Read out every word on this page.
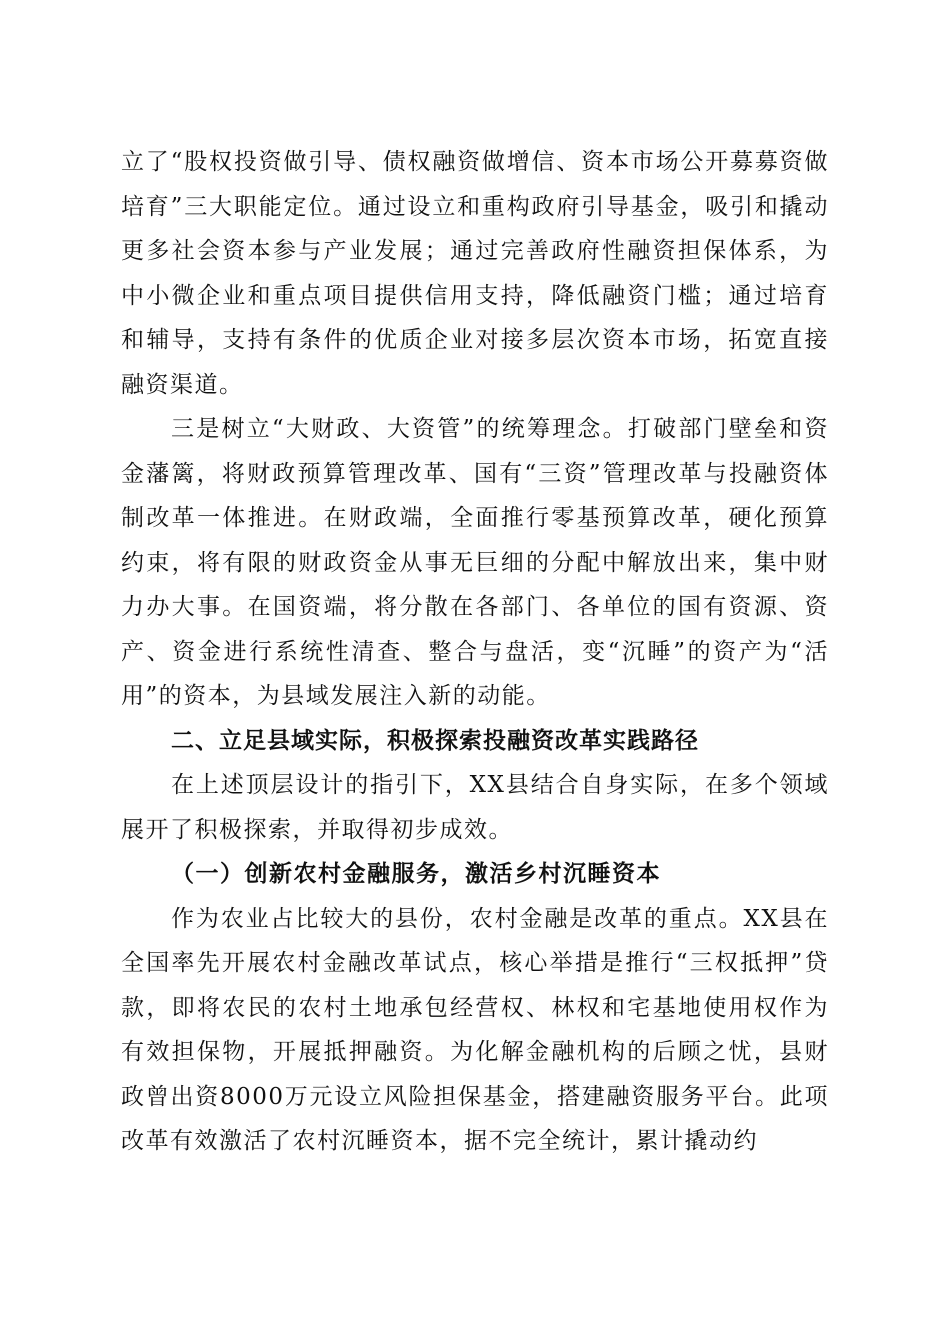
立了“股权投资做引导、债权融资做增信、资本市场公开募募资做培育”三大职能定位。通过设立和重构政府引导基金，吸引和撬动更多社会资本参与产业发展；通过完善政府性融资担保体系，为中小微企业和重点项目提供信用支持，降低融资门槛；通过培育和辅导，支持有条件的优质企业对接多层次资本市场，拓宽直接融资渠道。

三是树立“大财政、大资管”的统筹理念。打破部门壁垒和资金藩篱，将财政预算管理改革、国有“三资”管理改革与投融资体制改革一体推进。在财政端，全面推行零基预算改革，硬化预算约束，将有限的财政资金从事无巨细的分配中解放出来，集中财力办大事。在国资端，将分散在各部门、各单位的国有资源、资产、资金进行系统性清查、整合与盘活，变“沉睡”的资产为“活用”的资本，为县域发展注入新的动能。

二、立足县域实际，积极探索投融资改革实践路径

在上述顶层设计的指引下，XX县结合自身实际，在多个领域展开了积极探索，并取得初步成效。

（一）创新农村金融服务，激活乡村沉睡资本

作为农业占比较大的县份，农村金融是改革的重点。XX县在全国率先开展农村金融改革试点，核心举措是推行“三权抵押”贷款，即将农民的农村土地承包经营权、林权和宅基地使用权作为有效担保物，开展抵押融资。为化解金融机构的后顾之忧，县财政曾出资8000万元设立风险担保基金，搭建融资服务平台。此项改革有效激活了农村沉睡资本，据不完全统计，累计撬动约
